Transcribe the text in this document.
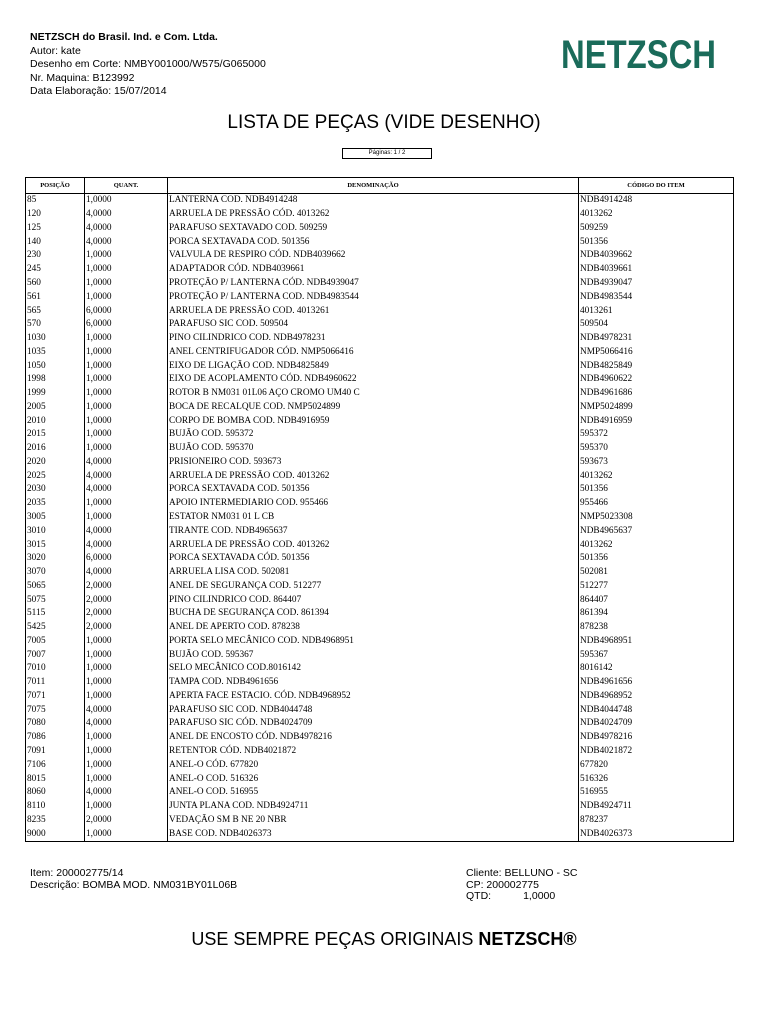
NETZSCH do Brasil. Ind. e Com. Ltda.
Autor: kate
Desenho em Corte: NMBY001000/W575/G065000
Nr. Maquina: B123992
Data Elaboração: 15/07/2014
NETZSCH
LISTA DE PEÇAS (VIDE DESENHO)
Páginas: 1 / 2
POSIÇÃO	QUANT.	DENOMINAÇÃO	CÓDIGO DO ITEM
85	1,0000	LANTERNA COD. NDB4914248	NDB4914248
120	4,0000	ARRUELA DE PRESSÃO CÓD. 4013262	4013262
125	4,0000	PARAFUSO SEXTAVADO COD. 509259	509259
140	4,0000	PORCA SEXTAVADA COD. 501356	501356
230	1,0000	VALVULA DE RESPIRO CÓD. NDB4039662	NDB4039662
245	1,0000	ADAPTADOR CÓD. NDB4039661	NDB4039661
560	1,0000	PROTEÇÃO P/ LANTERNA CÓD. NDB4939047	NDB4939047
561	1,0000	PROTEÇÃO P/ LANTERNA COD. NDB4983544	NDB4983544
565	6,0000	ARRUELA DE PRESSÃO COD. 4013261	4013261
570	6,0000	PARAFUSO SIC COD. 509504	509504
1030	1,0000	PINO CILINDRICO COD. NDB4978231	NDB4978231
1035	1,0000	ANEL CENTRIFUGADOR CÓD. NMP5066416	NMP5066416
1050	1,0000	EIXO DE LIGAÇÃO COD. NDB4825849	NDB4825849
1998	1,0000	EIXO DE ACOPLAMENTO CÓD. NDB4960622	NDB4960622
1999	1,0000	ROTOR B NM031 01L06 AÇO CROMO UM40 C	NDB4961686
2005	1,0000	BOCA DE RECALQUE COD. NMP5024899	NMP5024899
2010	1,0000	CORPO DE BOMBA COD. NDB4916959	NDB4916959
2015	1,0000	BUJÃO COD. 595372	595372
2016	1,0000	BUJÃO COD. 595370	595370
2020	4,0000	PRISIONEIRO COD. 593673	593673
2025	4,0000	ARRUELA DE PRESSÃO COD. 4013262	4013262
2030	4,0000	PORCA SEXTAVADA COD. 501356	501356
2035	1,0000	APOIO INTERMEDIARIO COD. 955466	955466
3005	1,0000	ESTATOR NM031 01 L CB	NMP5023308
3010	4,0000	TIRANTE COD. NDB4965637	NDB4965637
3015	4,0000	ARRUELA DE PRESSÃO COD. 4013262	4013262
3020	6,0000	PORCA SEXTAVADA CÓD. 501356	501356
3070	4,0000	ARRUELA LISA COD. 502081	502081
5065	2,0000	ANEL DE SEGURANÇA COD. 512277	512277
5075	2,0000	PINO CILINDRICO COD. 864407	864407
5115	2,0000	BUCHA DE SEGURANÇA COD. 861394	861394
5425	2,0000	ANEL DE APERTO COD. 878238	878238
7005	1,0000	PORTA SELO MECÂNICO COD. NDB4968951	NDB4968951
7007	1,0000	BUJÃO COD. 595367	595367
7010	1,0000	SELO MECÂNICO COD.8016142	8016142
7011	1,0000	TAMPA COD. NDB4961656	NDB4961656
7071	1,0000	APERTA FACE ESTACIO. CÓD. NDB4968952	NDB4968952
7075	4,0000	PARAFUSO SIC COD. NDB4044748	NDB4044748
7080	4,0000	PARAFUSO SIC CÓD. NDB4024709	NDB4024709
7086	1,0000	ANEL DE ENCOSTO CÓD. NDB4978216	NDB4978216
7091	1,0000	RETENTOR CÓD. NDB4021872	NDB4021872
7106	1,0000	ANEL-O CÓD. 677820	677820
8015	1,0000	ANEL-O COD. 516326	516326
8060	4,0000	ANEL-O COD. 516955	516955
8110	1,0000	JUNTA PLANA COD. NDB4924711	NDB4924711
8235	2,0000	VEDAÇÃO SM B NE 20 NBR	878237
9000	1,0000	BASE COD. NDB4026373	NDB4026373
Item: 200002775/14
Descrição: BOMBA MOD. NM031BY01L06B
Cliente: BELLUNO - SC
CP: 200002775
QTD:	1,0000
USE SEMPRE PEÇAS ORIGINAIS NETZSCH®
